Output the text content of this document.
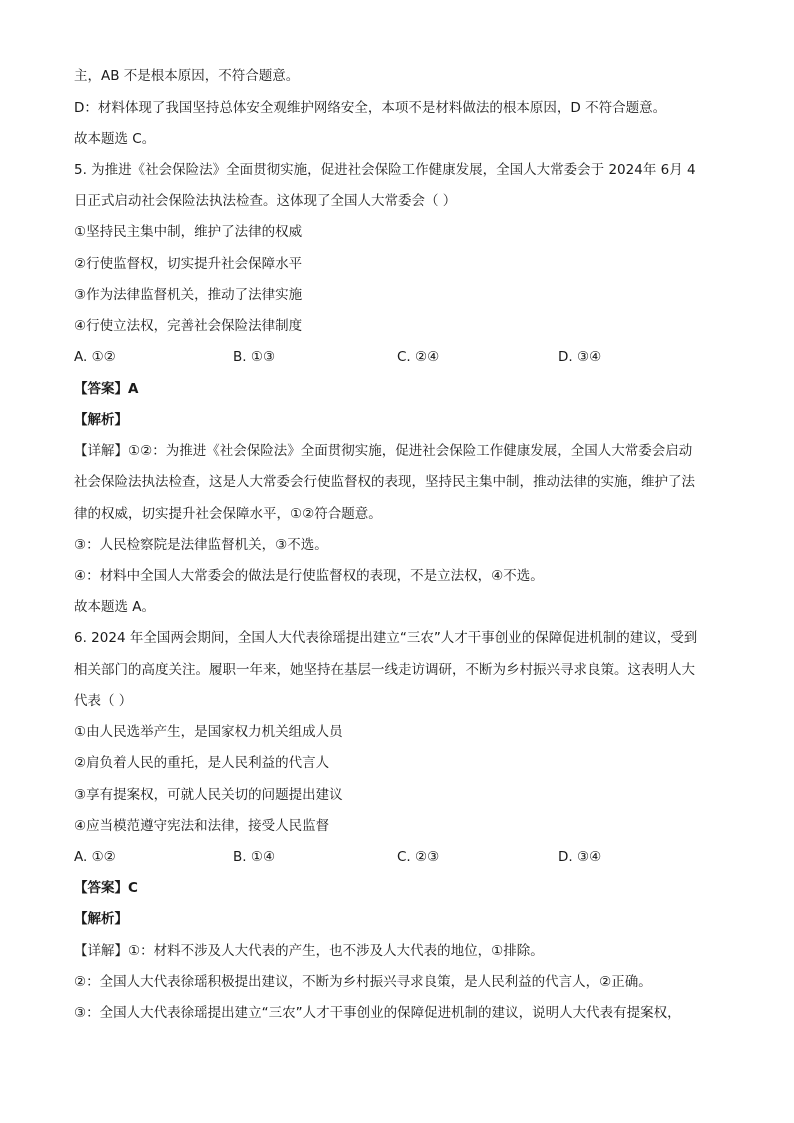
主，AB 不是根本原因，不符合题意。
D：材料体现了我国坚持总体安全观维护网络安全，本项不是材料做法的根本原因，D 不符合题意。
故本题选 C。
5. 为推进《社会保险法》全面贯彻实施，促进社会保险工作健康发展，全国人大常委会于 2024年 6月 4
日正式启动社会保险法执法检查。这体现了全国人大常委会（ ）
①坚持民主集中制，维护了法律的权威
②行使监督权，切实提升社会保障水平
③作为法律监督机关，推动了法律实施
④行使立法权，完善社会保险法律制度
A. ①②	B. ①③	C. ②④	D. ③④
【答案】A
【解析】
【详解】①②：为推进《社会保险法》全面贯彻实施，促进社会保险工作健康发展，全国人大常委会启动
社会保险法执法检查，这是人大常委会行使监督权的表现，坚持民主集中制，推动法律的实施，维护了法
律的权威，切实提升社会保障水平，①②符合题意。
③：人民检察院是法律监督机关，③不选。
④：材料中全国人大常委会的做法是行使监督权的表现，不是立法权，④不选。
故本题选 A。
6. 2024 年全国两会期间，全国人大代表徐瑶提出建立“三农”人才干事创业的保障促进机制的建议，受到
相关部门的高度关注。履职一年来，她坚持在基层一线走访调研，不断为乡村振兴寻求良策。这表明人大
代表（ ）
①由人民选举产生，是国家权力机关组成人员
②肩负着人民的重托，是人民利益的代言人
③享有提案权，可就人民关切的问题提出建议
④应当模范遵守宪法和法律，接受人民监督
A. ①②	B. ①④	C. ②③	D. ③④
【答案】C
【解析】
【详解】①：材料不涉及人大代表的产生，也不涉及人大代表的地位，①排除。
②：全国人大代表徐瑶积极提出建议，不断为乡村振兴寻求良策，是人民利益的代言人，②正确。
③：全国人大代表徐瑶提出建立“三农”人才干事创业的保障促进机制的建议，说明人大代表有提案权，
